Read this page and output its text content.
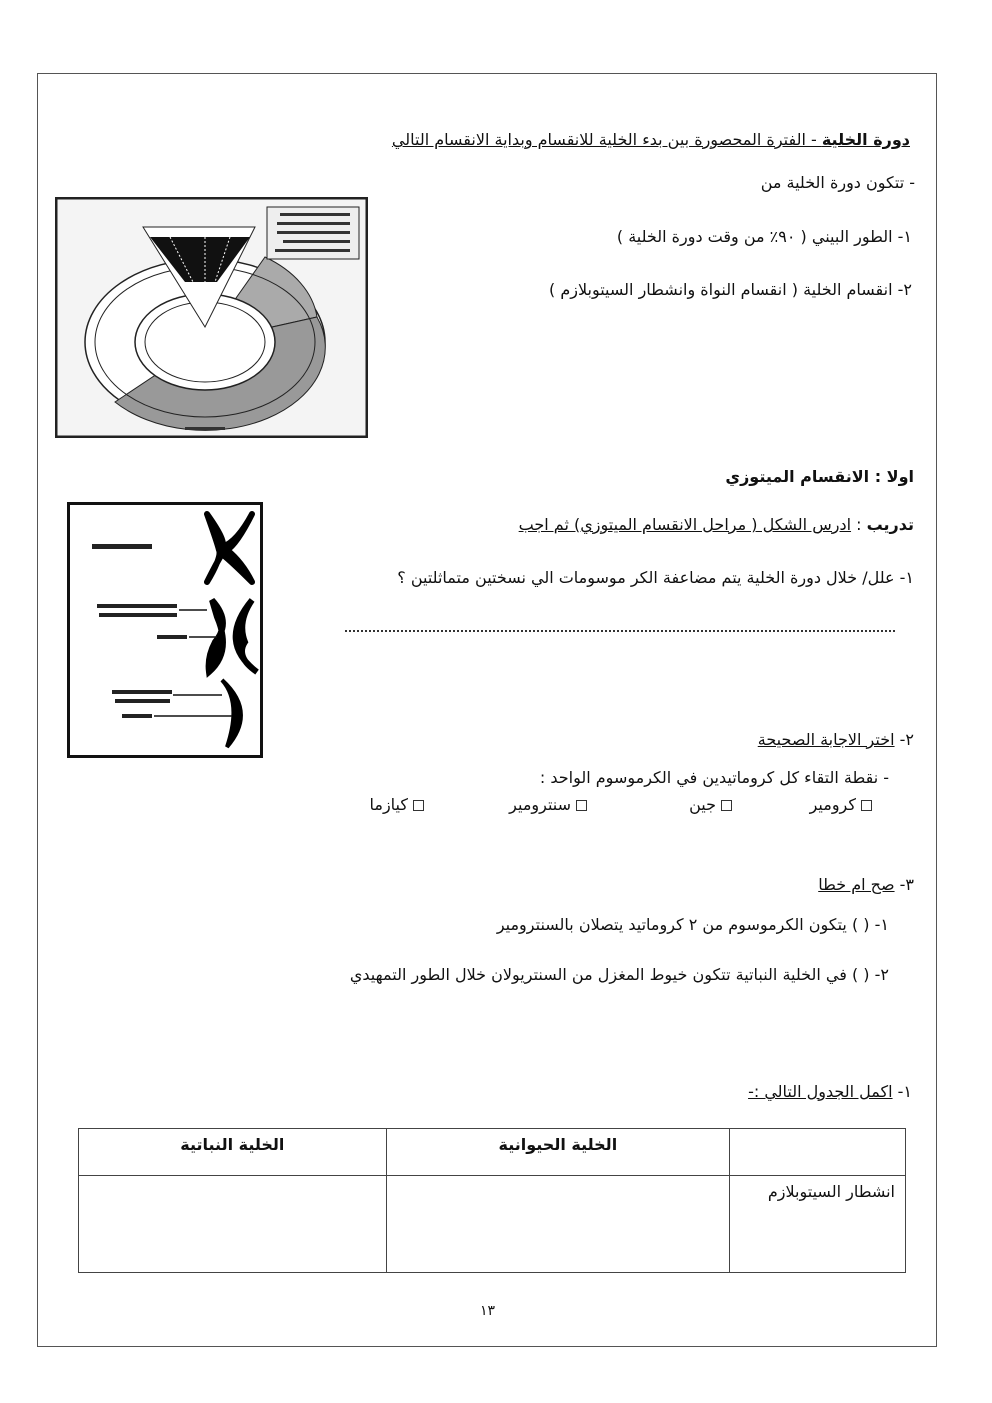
دورة الخلية - الفترة المحصورة بين بدء الخلية للانقسام وبداية الانقسام التالي
- تتكون دورة الخلية من
١- الطور البيني ( ٩٠٪ من وقت دورة الخلية )
٢- انقسام الخلية ( انقسام النواة وانشطار السيتوبلازم )
اولا : الانقسام الميتوزي
تدريب : ادرس الشكل ( مراحل الانقسام الميتوزي) ثم اجب
١- علل/ خلال دورة الخلية يتم مضاعفة الكر موسومات الي نسختين متماثلتين ؟
٢- اختر الاجابة الصحيحة
- نقطة التقاء كل كروماتيدين في الكرموسوم الواحد :
كرومير
جين
سنترومير
كيازما
٣- صح ام خطا
١- ( ) يتكون الكرموسوم من ٢ كروماتيد يتصلان بالسنترومير
٢- ( ) في الخلية النباتية تتكون خيوط المغزل من السنتريولان خلال الطور التمهيدي
١- اكمل الجدول التالي :-
	الخلية الحيوانية	الخلية النباتية
انشطار السيتوبلازم		
١٣
